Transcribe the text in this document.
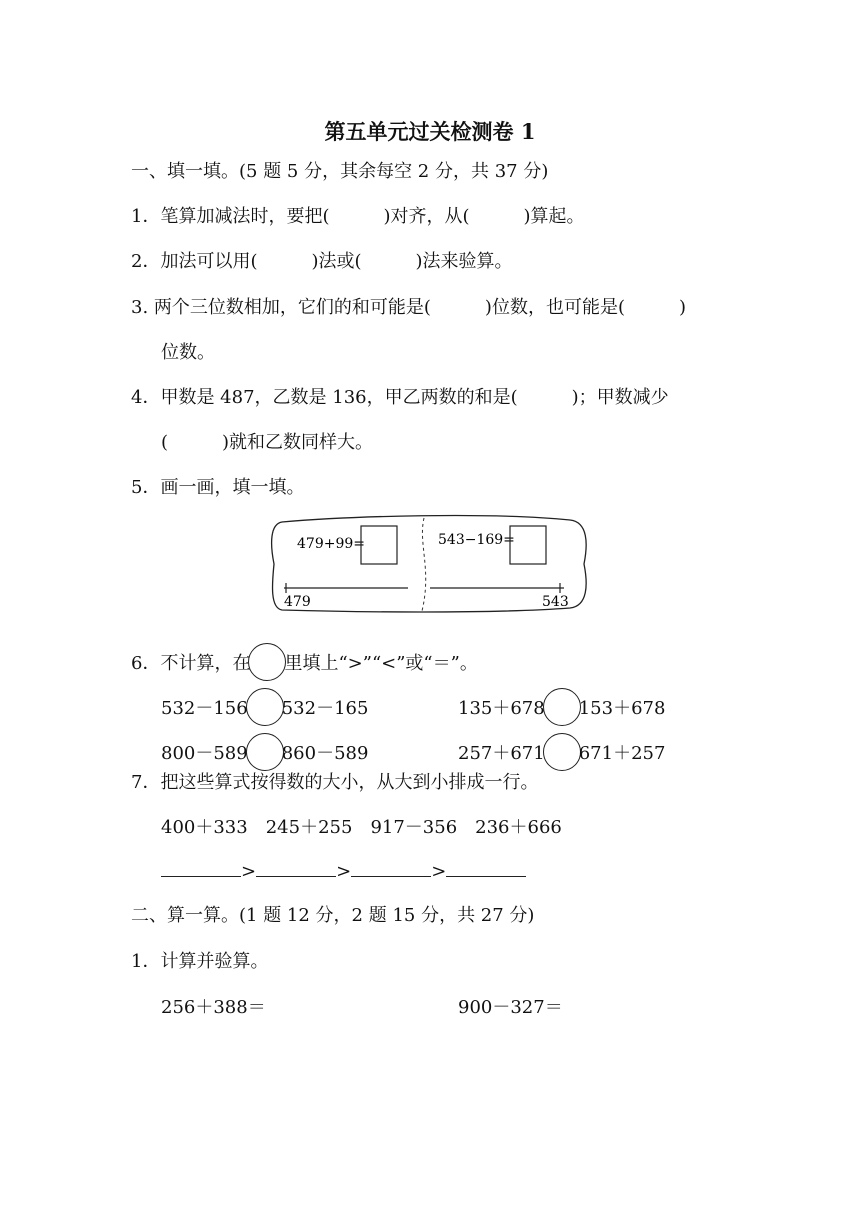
第五单元过关检测卷 1
一、填一填。(5 题 5 分，其余每空 2 分，共 37 分)
1．笔算加减法时，要把(	)对齐，从(	)算起。
2．加法可以用(	)法或(	)法来验算。
3. 两个三位数相加，它们的和可能是(	)位数，也可能是(	)
位数。
4．甲数是 487，乙数是 136，甲乙两数的和是(	)；甲数减少
(	)就和乙数同样大。
5．画一画，填一填。
479+99=
479
543−169=
543
6．不计算，在 里填上“>”“<”或“＝”。
532－156 532－165	135＋678 153＋678
800－589 860－589	257＋671 671＋257
7．把这些算式按得数的大小，从大到小排成一行。
400＋333 245＋255 917－356 236＋666
>	>	>
二、算一算。(1 题 12 分，2 题 15 分，共 27 分)
1．计算并验算。
256＋388＝	900－327＝
